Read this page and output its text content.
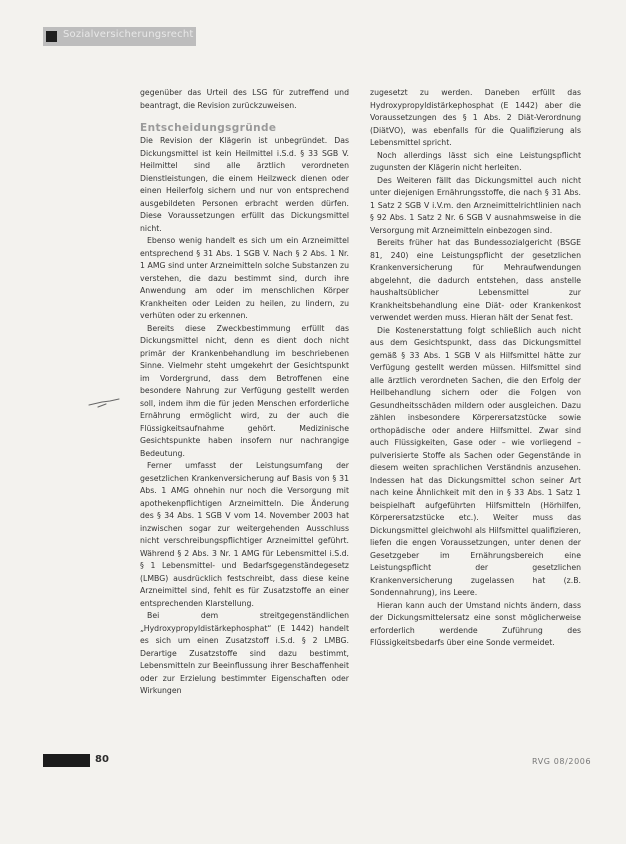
Sozialversicherungsrecht

gegenüber das Urteil des LSG für zutreffend und beantragt, die Revision zurückzuweisen.

Entscheidungsgründe

Die Revision der Klägerin ist unbegründet. Das Dickungsmittel ist kein Heilmittel i.S.d. § 33 SGB V. Heilmittel sind alle ärztlich verordneten Dienstleistungen, die einem Heilzweck dienen oder einen Heilerfolg sichern und nur von entsprechend ausgebildeten Personen erbracht werden dürfen. Diese Voraussetzungen erfüllt das Dickungsmittel nicht.

Ebenso wenig handelt es sich um ein Arzneimittel entsprechend § 31 Abs. 1 SGB V. Nach § 2 Abs. 1 Nr. 1 AMG sind unter Arzneimitteln solche Substanzen zu verstehen, die dazu bestimmt sind, durch ihre Anwendung am oder im menschlichen Körper Krankheiten oder Leiden zu heilen, zu lindern, zu verhüten oder zu erkennen.

Bereits diese Zweckbestimmung erfüllt das Dickungsmittel nicht, denn es dient doch nicht primär der Krankenbehandlung im beschriebenen Sinne. Vielmehr steht umgekehrt der Gesichtspunkt im Vordergrund, dass dem Betroffenen eine besondere Nahrung zur Verfügung gestellt werden soll, indem ihm die für jeden Menschen erforderliche Ernährung ermöglicht wird, zu der auch die Flüssigkeitsaufnahme gehört. Medizinische Gesichtspunkte haben insofern nur nachrangige Bedeutung.

Ferner umfasst der Leistungsumfang der gesetzlichen Krankenversicherung auf Basis von § 31 Abs. 1 AMG ohnehin nur noch die Versorgung mit apothekenpflichtigen Arzneimitteln. Die Änderung des § 34 Abs. 1 SGB V vom 14. November 2003 hat inzwischen sogar zur weitergehenden Ausschluss nicht verschreibungspflichtiger Arzneimittel geführt. Während § 2 Abs. 3 Nr. 1 AMG für Lebensmittel i.S.d. § 1 Lebensmittel- und Bedarfsgegenständegesetz (LMBG) ausdrücklich festschreibt, dass diese keine Arzneimittel sind, fehlt es für Zusatzstoffe an einer entsprechenden Klarstellung.

Bei dem streitgegenständlichen „Hydroxypropyldistärkephosphat“ (E 1442) handelt es sich um einen Zusatzstoff i.S.d. § 2 LMBG. Derartige Zusatzstoffe sind dazu bestimmt, Lebensmitteln zur Beeinflussung ihrer Beschaffenheit oder zur Erzielung bestimmter Eigenschaften oder Wirkungen

zugesetzt zu werden. Daneben erfüllt das Hydroxypropyldistärkephosphat (E 1442) aber die Voraussetzungen des § 1 Abs. 2 Diät-Verordnung (DiätVO), was ebenfalls für die Qualifizierung als Lebensmittel spricht.

Noch allerdings lässt sich eine Leistungspflicht zugunsten der Klägerin nicht herleiten.

Des Weiteren fällt das Dickungsmittel auch nicht unter diejenigen Ernährungsstoffe, die nach § 31 Abs. 1 Satz 2 SGB V i.V.m. den Arzneimittelrichtlinien nach § 92 Abs. 1 Satz 2 Nr. 6 SGB V ausnahmsweise in die Versorgung mit Arzneimitteln einbezogen sind.

Bereits früher hat das Bundessozialgericht (BSGE 81, 240) eine Leistungspflicht der gesetzlichen Krankenversicherung für Mehraufwendungen abgelehnt, die dadurch entstehen, dass anstelle haushaltsüblicher Lebensmittel zur Krankheitsbehandlung eine Diät- oder Krankenkost verwendet werden muss. Hieran hält der Senat fest.

Die Kostenerstattung folgt schließlich auch nicht aus dem Gesichtspunkt, dass das Dickungsmittel gemäß § 33 Abs. 1 SGB V als Hilfsmittel hätte zur Verfügung gestellt werden müssen. Hilfsmittel sind alle ärztlich verordneten Sachen, die den Erfolg der Heilbehandlung sichern oder die Folgen von Gesundheitsschäden mildern oder ausgleichen. Dazu zählen insbesondere Körperersatzstücke sowie orthopädische oder andere Hilfsmittel. Zwar sind auch Flüssigkeiten, Gase oder – wie vorliegend – pulverisierte Stoffe als Sachen oder Gegenstände in diesem weiten sprachlichen Verständnis anzusehen. Indessen hat das Dickungsmittel schon seiner Art nach keine Ähnlichkeit mit den in § 33 Abs. 1 Satz 1 beispielhaft aufgeführten Hilfsmitteln (Hörhilfen, Körperersatzstücke etc.). Weiter muss das Dickungsmittel gleichwohl als Hilfsmittel qualifizieren, liefen die engen Voraussetzungen, unter denen der Gesetzgeber im Ernährungsbereich eine Leistungspflicht der gesetzlichen Krankenversicherung zugelassen hat (z.B. Sondennahrung), ins Leere.

Hieran kann auch der Umstand nichts ändern, dass der Dickungsmittelersatz eine sonst möglicherweise erforderlich werdende Zuführung des Flüssigkeitsbedarfs über eine Sonde vermeidet.

80	RVG 08/2006
